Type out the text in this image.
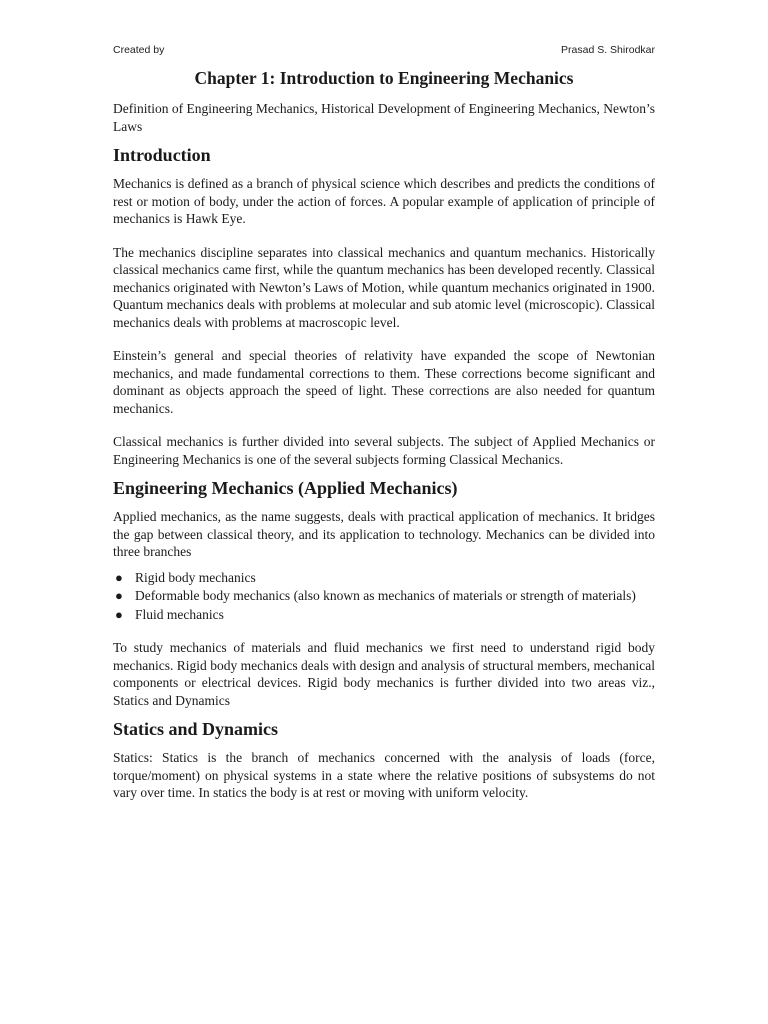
Created by	Prasad S. Shirodkar
Chapter 1: Introduction to Engineering Mechanics
Definition of Engineering Mechanics, Historical Development of Engineering Mechanics, Newton’s Laws
Introduction

Mechanics is defined as a branch of physical science which describes and predicts the conditions of rest or motion of body, under the action of forces. A popular example of application of principle of mechanics is Hawk Eye.

The mechanics discipline separates into classical mechanics and quantum mechanics. Historically classical mechanics came first, while the quantum mechanics has been developed recently. Classical mechanics originated with Newton’s Laws of Motion, while quantum mechanics originated in 1900. Quantum mechanics deals with problems at molecular and sub atomic level (microscopic). Classical mechanics deals with problems at macroscopic level.

Einstein’s general and special theories of relativity have expanded the scope of Newtonian mechanics, and made fundamental corrections to them. These corrections become significant and dominant as objects approach the speed of light. These corrections are also needed for quantum mechanics.

Classical mechanics is further divided into several subjects. The subject of Applied Mechanics or Engineering Mechanics is one of the several subjects forming Classical Mechanics.

Engineering Mechanics (Applied Mechanics)

Applied mechanics, as the name suggests, deals with practical application of mechanics. It bridges the gap between classical theory, and its application to technology. Mechanics can be divided into three branches

● Rigid body mechanics
● Deformable body mechanics (also known as mechanics of materials or strength of materials)
● Fluid mechanics

To study mechanics of materials and fluid mechanics we first need to understand rigid body mechanics. Rigid body mechanics deals with design and analysis of structural members, mechanical components or electrical devices. Rigid body mechanics is further divided into two areas viz., Statics and Dynamics

Statics and Dynamics

Statics: Statics is the branch of mechanics concerned with the analysis of loads (force, torque/moment) on physical systems in a state where the relative positions of subsystems do not vary over time. In statics the body is at rest or moving with uniform velocity.
